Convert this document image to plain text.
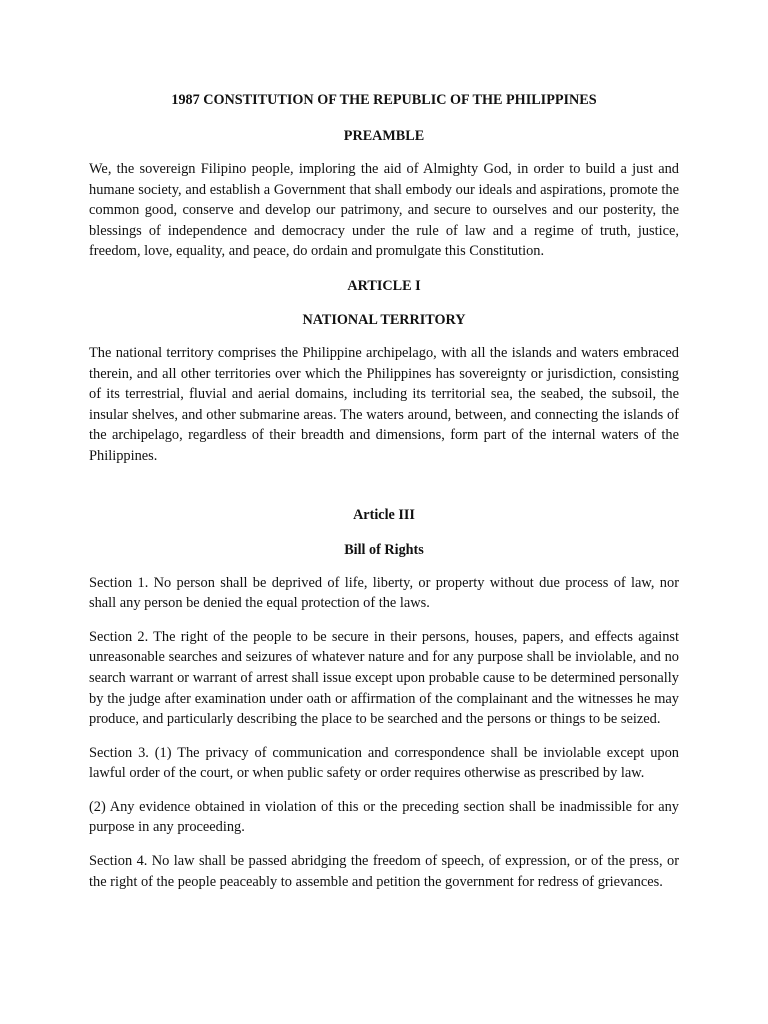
1987 CONSTITUTION OF THE REPUBLIC OF THE PHILIPPINES

PREAMBLE

We, the sovereign Filipino people, imploring the aid of Almighty God, in order to build a just and humane society, and establish a Government that shall embody our ideals and aspirations, promote the common good, conserve and develop our patrimony, and secure to ourselves and our posterity, the blessings of independence and democracy under the rule of law and a regime of truth, justice, freedom, love, equality, and peace, do ordain and promulgate this Constitution.

ARTICLE I

NATIONAL TERRITORY

The national territory comprises the Philippine archipelago, with all the islands and waters embraced therein, and all other territories over which the Philippines has sovereignty or jurisdiction, consisting of its terrestrial, fluvial and aerial domains, including its territorial sea, the seabed, the subsoil, the insular shelves, and other submarine areas. The waters around, between, and connecting the islands of the archipelago, regardless of their breadth and dimensions, form part of the internal waters of the Philippines.

Article III

Bill of Rights

Section 1. No person shall be deprived of life, liberty, or property without due process of law, nor shall any person be denied the equal protection of the laws.

Section 2. The right of the people to be secure in their persons, houses, papers, and effects against unreasonable searches and seizures of whatever nature and for any purpose shall be inviolable, and no search warrant or warrant of arrest shall issue except upon probable cause to be determined personally by the judge after examination under oath or affirmation of the complainant and the witnesses he may produce, and particularly describing the place to be searched and the persons or things to be seized.

Section 3. (1) The privacy of communication and correspondence shall be inviolable except upon lawful order of the court, or when public safety or order requires otherwise as prescribed by law.

(2) Any evidence obtained in violation of this or the preceding section shall be inadmissible for any purpose in any proceeding.

Section 4. No law shall be passed abridging the freedom of speech, of expression, or of the press, or the right of the people peaceably to assemble and petition the government for redress of grievances.
